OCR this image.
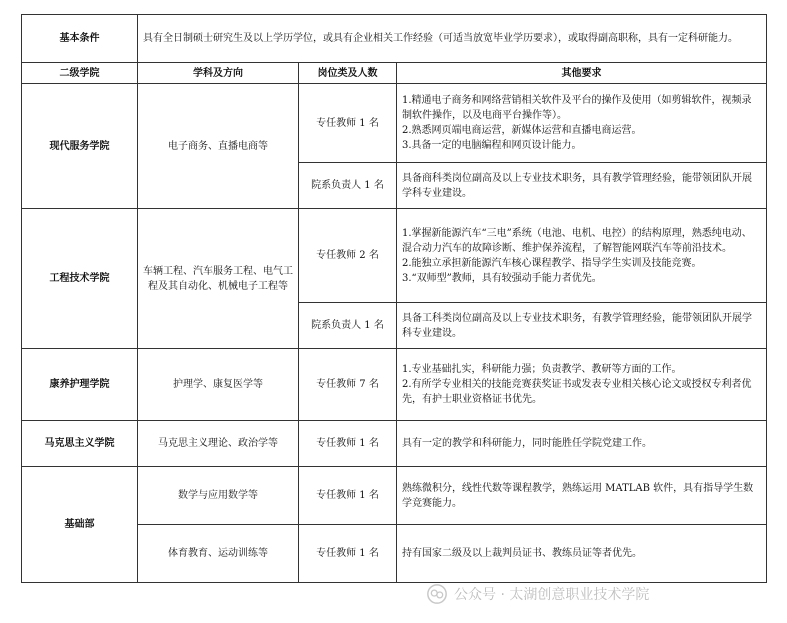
基本条件	具有全日制硕士研究生及以上学历学位，或具有企业相关工作经验（可适当放宽毕业学历要求），或取得副高职称，具有一定科研能力。		
二级学院	学科及方向	岗位类及人数	其他要求
现代服务学院	电子商务、直播电商等	专任教师 1 名	1.精通电子商务和网络营销相关软件及平台的操作及使用（如剪辑软件，视频录制软件操作，以及电商平台操作等）。
2.熟悉网页端电商运营，新媒体运营和直播电商运营。
3.具备一定的电脑编程和网页设计能力。

		院系负责人 1 名	具备商科类岗位副高及以上专业技术职务，具有教学管理经验，能带领团队开展学科专业建设。

工程技术学院	车辆工程、汽车服务工程、电气工程及其自动化、机械电子工程等	专任教师 2 名	1.掌握新能源汽车“三电”系统（电池、电机、电控）的结构原理，熟悉纯电动、混合动力汽车的故障诊断、维护保养流程，了解智能网联汽车等前沿技术。
2.能独立承担新能源汽车核心课程教学、指导学生实训及技能竞赛。
3.“双师型”教师，具有较强动手能力者优先。

		院系负责人 1 名	具备工科类岗位副高及以上专业技术职务，有教学管理经验，能带领团队开展学科专业建设。

康养护理学院	护理学、康复医学等	专任教师 7 名	1.专业基础扎实，科研能力强；负责教学、教研等方面的工作。
2.有所学专业相关的技能竞赛获奖证书或发表专业相关核心论文或授权专利者优先，有护士职业资格证书优先。

马克思主义学院	马克思主义理论、政治学等	专任教师 1 名	具有一定的教学和科研能力，同时能胜任学院党建工作。

基础部	数学与应用数学等	专任教师 1 名	熟练微积分，线性代数等课程教学，熟练运用 MATLAB 软件，具有指导学生数学竞赛能力。

	体育教育、运动训练等	专任教师 1 名	持有国家二级及以上裁判员证书、教练员证等者优先。
公众号 · 太湖创意职业技术学院
